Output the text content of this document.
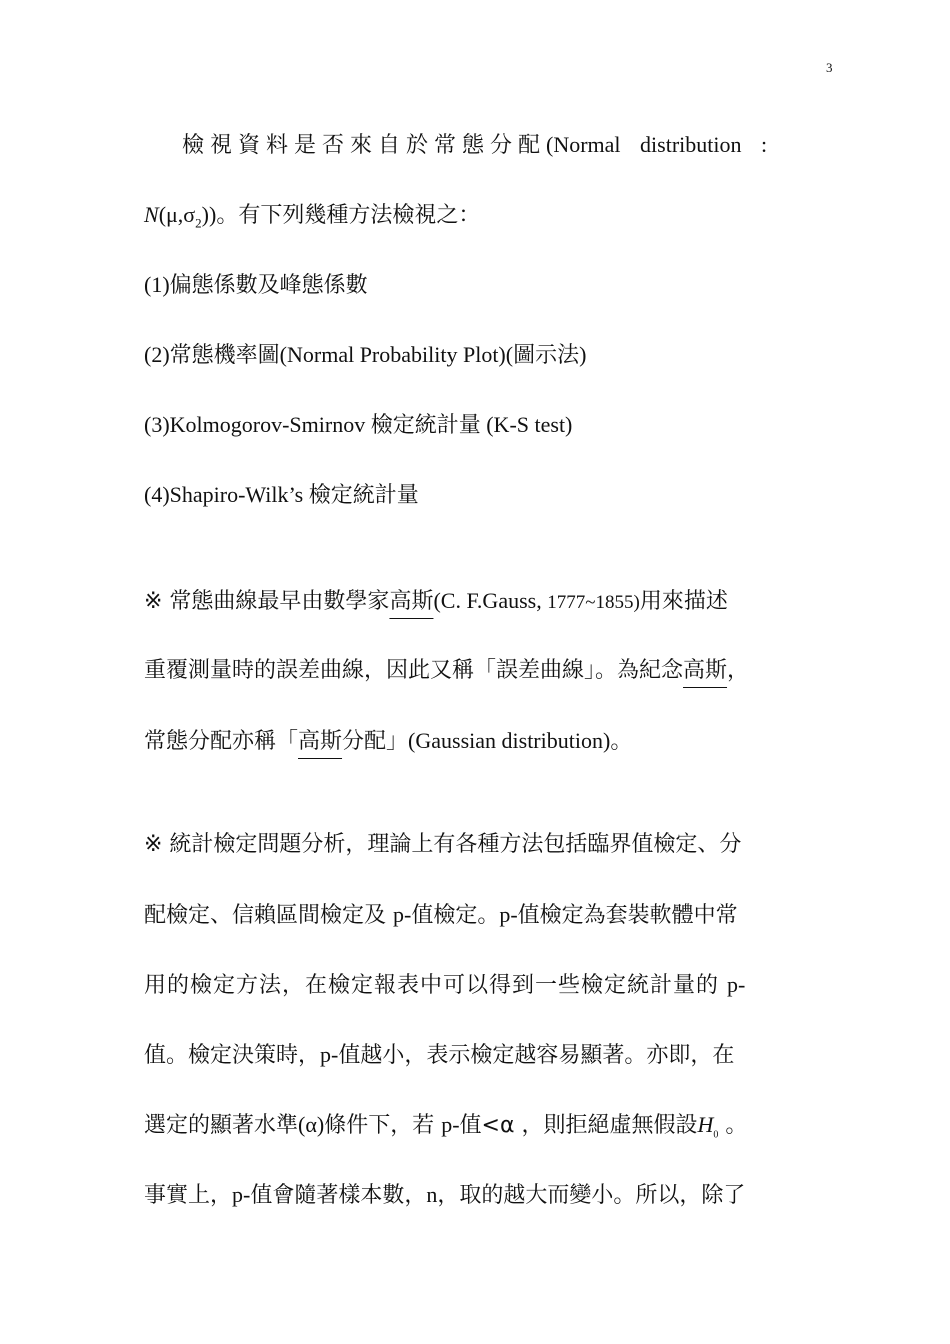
3
檢視資料是否來自於常態分配(Normal distribution :
$N(\mu,\sigma_2)$)。有下列幾種方法檢視之：
(1)偏態係數及峰態係數
(2)常態機率圖(Normal Probability Plot)(圖示法)
(3)Kolmogorov-Smirnov 檢定統計量 (K-S test)
(4)Shapiro-Wilk’s 檢定統計量
※ 常態曲線最早由數學家高斯(C. F.Gauss, 1777~1855)用來描述
重覆測量時的誤差曲線，因此又稱「誤差曲線」。為紀念高斯，
常態分配亦稱「高斯分配」(Gaussian distribution)。
※ 統計檢定問題分析，理論上有各種方法包括臨界值檢定、分
配檢定、信賴區間檢定及 p-值檢定。p-值檢定為套裝軟體中常
用的檢定方法，在檢定報表中可以得到一些檢定統計量的 p-
值。檢定決策時，p-值越小，表示檢定越容易顯著。亦即，在
選定的顯著水準(α)條件下，若 p-值<α ，則拒絕虛無假設$H_0$ 。
事實上，p-值會隨著樣本數，n，取的越大而變小。所以，除了
